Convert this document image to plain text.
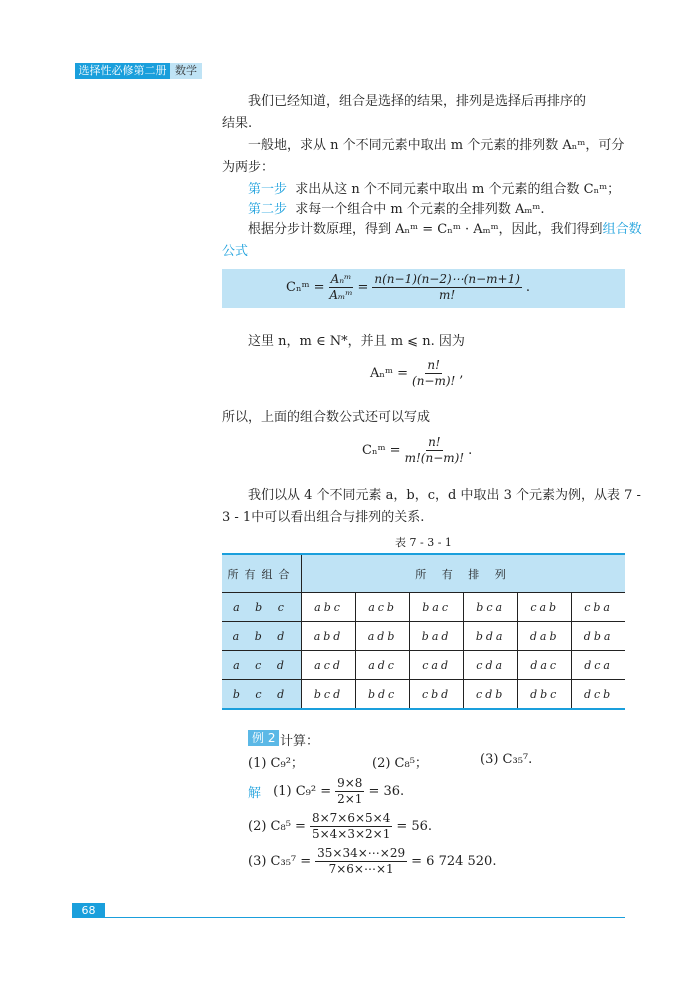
选择性必修第二册 数学
我们已经知道，组合是选择的结果，排列是选择后再排序的
结果.
一般地，求从 n 个不同元素中取出 m 个元素的排列数 Aₙᵐ，可分
为两步：
第一步 求出从这 n 个不同元素中取出 m 个元素的组合数 Cₙᵐ；
第二步 求每一个组合中 m 个元素的全排列数 Aₘᵐ.
根据分步计数原理，得到 Aₙᵐ = Cₙᵐ · Aₘᵐ，因此，我们得到组合数
公式
Cₙᵐ = $\frac{\text{Aₙᵐ}}{\text{Aₘᵐ}} = \frac{n(n-1)(n-2)\cdots(n-m+1)}{m!}$ .
这里 n，m ∈ N*，并且 m ⩽ n. 因为
Aₙᵐ = $\frac{n!}{(n-m)!}$ ,
所以，上面的组合数公式还可以写成
Cₙᵐ = $\frac{n!}{m!(n-m)!}$ .
我们以从 4 个不同元素 a，b，c，d 中取出 3 个元素为例，从表 7 -
3 - 1中可以看出组合与排列的关系.
表 7 - 3 - 1
所有组合	所 有 排 列					
a b c	abc	acb	bac	bca	cab	cba
a b d	abd	adb	bad	bda	dab	dba
a c d	acd	adc	cad	cda	dac	dca
b c d	bcd	bdc	cbd	cdb	dbc	dcb
例 2 计算：
(1) C₉²；	(2) C₈⁵；	(3) C₃₅⁷.
解
(1) $C_9^2 = \frac{9\times 8}{2\times 1} = 36$.
(2) $C_8^5 = \frac{8\times 7\times 6\times 5\times 4}{5\times 4\times 3\times 2\times 1} = 56$.
(3) $C_{35}^7 = \frac{35\times 34\times\cdots\times 29}{7\times 6\times\cdots\times 1} = 6$ 724 520.
68
